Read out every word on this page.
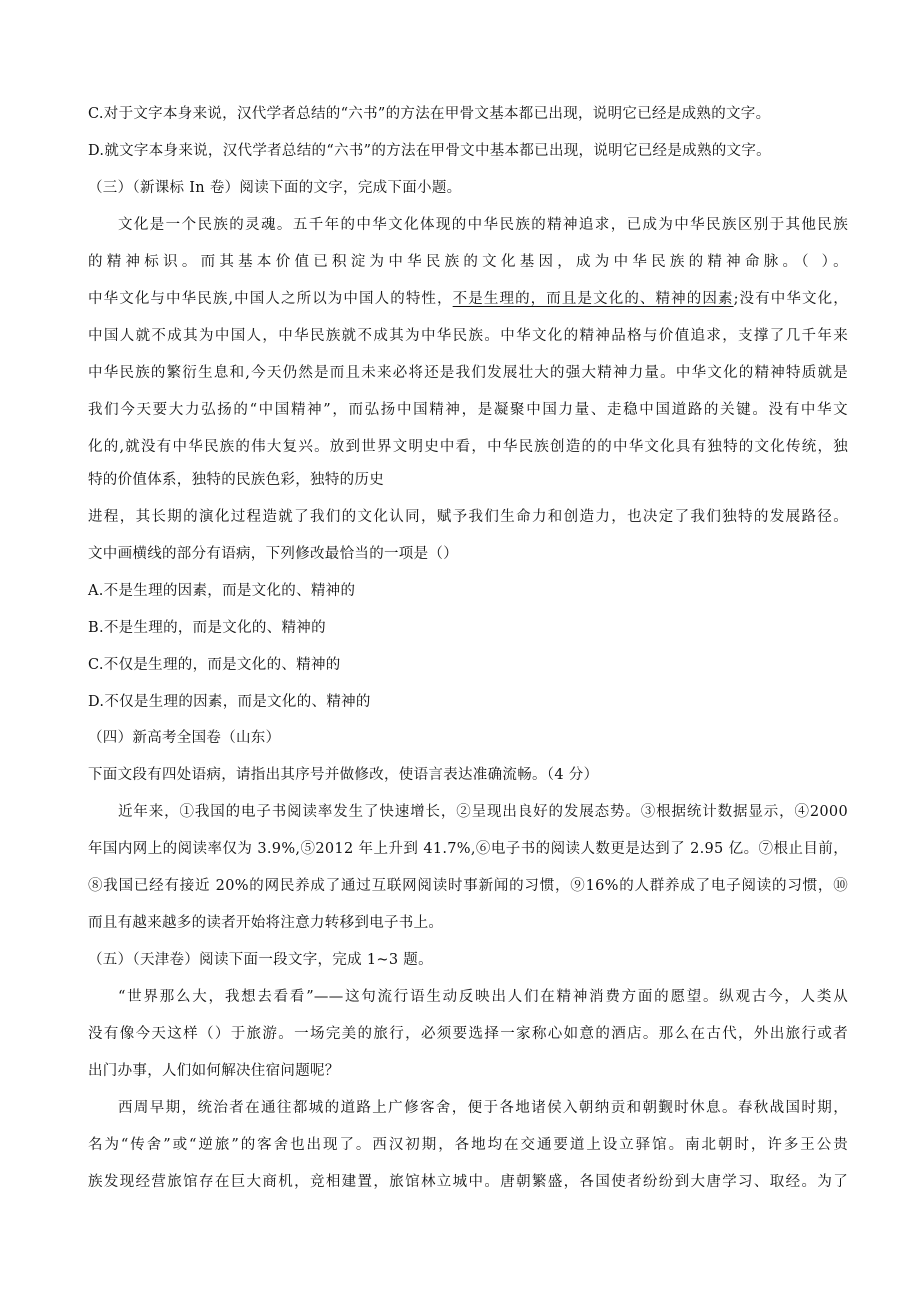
C.对于文字本身来说，汉代学者总结的“六书”的方法在甲骨文基本都已出现，说明它已经是成熟的文字。
D.就文字本身来说，汉代学者总结的“六书”的方法在甲骨文中基本都已出现，说明它已经是成熟的文字。
（三）（新课标 In 卷）阅读下面的文字，完成下面小题。
文化是一个民族的灵魂。五千年的中华文化体现的中华民族的精神追求，已成为中华民族区别于其他民族
的精神标识。而其基本价值已积淀为中华民族的文化基因，成为中华民族的精神命脉。（ ）。
中华文化与中华民族,中国人之所以为中国人的特性，不是生理的，而且是文化的、精神的因素;没有中华文化，
中国人就不成其为中国人，中华民族就不成其为中华民族。中华文化的精神品格与价值追求，支撑了几千年来
中华民族的繁衍生息和,今天仍然是而且未来必将还是我们发展壮大的强大精神力量。中华文化的精神特质就是
我们今天要大力弘扬的“中国精神”，而弘扬中国精神，是凝聚中国力量、走稳中国道路的关键。没有中华文
化的,就没有中华民族的伟大复兴。放到世界文明史中看，中华民族创造的的中华文化具有独特的文化传统，独
特的价值体系，独特的民族色彩，独特的历史
进程，其长期的演化过程造就了我们的文化认同，赋予我们生命力和创造力，也决定了我们独特的发展路径。
文中画横线的部分有语病，下列修改最恰当的一项是（）
A.不是生理的因素，而是文化的、精神的
B.不是生理的，而是文化的、精神的
C.不仅是生理的，而是文化的、精神的
D.不仅是生理的因素，而是文化的、精神的
（四）新高考全国卷（山东）
下面文段有四处语病，请指出其序号并做修改，使语言表达准确流畅。（4 分）
近年来，①我国的电子书阅读率发生了快速增长，②呈现出良好的发展态势。③根据统计数据显示，④2000
年国内网上的阅读率仅为 3.9%,⑤2012 年上升到 41.7%,⑥电子书的阅读人数更是达到了 2.95 亿。⑦根止目前，
⑧我国已经有接近 20%的网民养成了通过互联网阅读时事新闻的习惯，⑨16%的人群养成了电子阅读的习惯，⑩
而且有越来越多的读者开始将注意力转移到电子书上。
（五）（天津卷）阅读下面一段文字，完成 1~3 题。
“世界那么大，我想去看看”——这句流行语生动反映出人们在精神消费方面的愿望。纵观古今，人类从
没有像今天这样（）于旅游。一场完美的旅行，必须要选择一家称心如意的酒店。那么在古代，外出旅行或者
出门办事，人们如何解决住宿问题呢？
西周早期，统治者在通往都城的道路上广修客舍，便于各地诸侯入朝纳贡和朝觐时休息。春秋战国时期，
名为“传舍”或“逆旅”的客舍也出现了。西汉初期，各地均在交通要道上设立驿馆。南北朝时，许多王公贵
族发现经营旅馆存在巨大商机，竞相建置，旅馆林立城中。唐朝繁盛，各国使者纷纷到大唐学习、取经。为了
